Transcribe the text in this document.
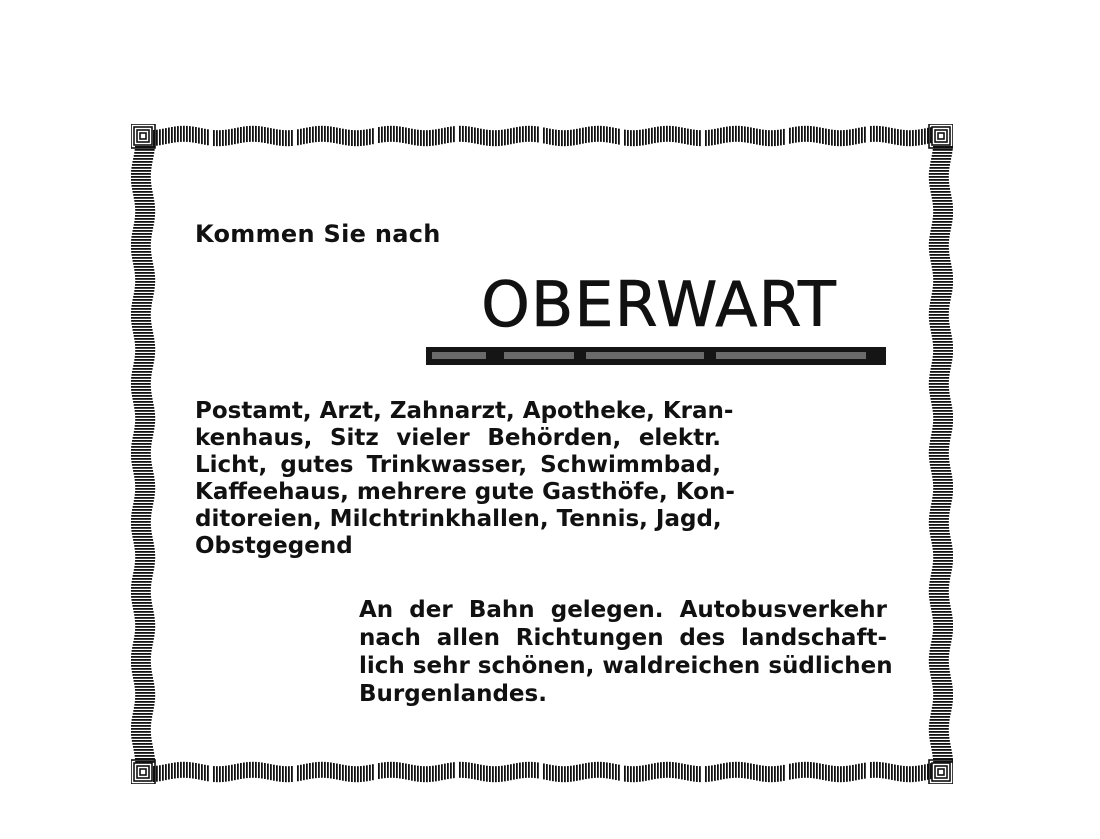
Kommen Sie nach
OBERWART
Postamt, Arzt, Zahnarzt, Apotheke, Kran-
kenhaus, Sitz vieler Behörden, elektr.
Licht, gutes Trinkwasser, Schwimmbad,
Kaffeehaus, mehrere gute Gasthöfe, Kon-
ditoreien, Milchtrinkhallen, Tennis, Jagd,
Obstgegend
An der Bahn gelegen. Autobusverkehr
nach allen Richtungen des landschaft-
lich sehr schönen, waldreichen südlichen
Burgenlandes.
